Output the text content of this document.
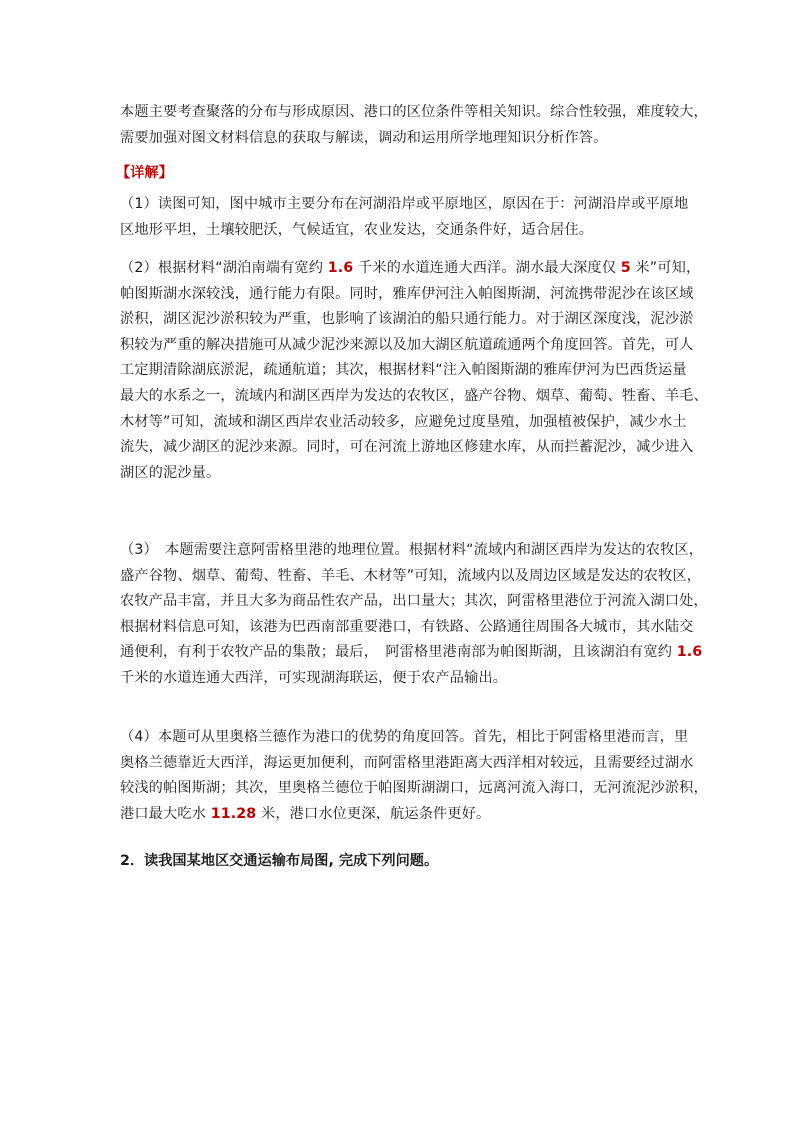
本题主要考查聚落的分布与形成原因、港口的区位条件等相关知识。综合性较强，难度较大，
需要加强对图文材料信息的获取与解读，调动和运用所学地理知识分析作答。
【详解】
（1）读图可知，图中城市主要分布在河湖沿岸或平原地区，原因在于：河湖沿岸或平原地
区地形平坦，土壤较肥沃，气候适宜，农业发达，交通条件好，适合居住。
（2）根据材料“湖泊南端有宽约 1.6 千米的水道连通大西洋。湖水最大深度仅 5 米”可知，
帕图斯湖水深较浅，通行能力有限。同时，雅库伊河注入帕图斯湖，河流携带泥沙在该区域
淤积，湖区泥沙淤积较为严重，也影响了该湖泊的船只通行能力。对于湖区深度浅，泥沙淤
积较为严重的解决措施可从减少泥沙来源以及加大湖区航道疏通两个角度回答。首先，可人
工定期清除湖底淤泥，疏通航道；其次，根据材料“注入帕图斯湖的雅库伊河为巴西货运量
最大的水系之一，流域内和湖区西岸为发达的农牧区，盛产谷物、烟草、葡萄、牲畜、羊毛、
木材等”可知，流域和湖区西岸农业活动较多，应避免过度垦殖，加强植被保护，减少水土
流失，减少湖区的泥沙来源。同时，可在河流上游地区修建水库，从而拦蓄泥沙，减少进入
湖区的泥沙量。
（3）　本题需要注意阿雷格里港的地理位置。根据材料“流域内和湖区西岸为发达的农牧区，
盛产谷物、烟草、葡萄、牲畜、羊毛、木材等”可知，流域内以及周边区域是发达的农牧区，
农牧产品丰富，并且大多为商品性农产品，出口量大；其次，阿雷格里港位于河流入湖口处，
根据材料信息可知，该港为巴西南部重要港口，有铁路、公路通往周围各大城市，其水陆交
通便利，有利于农牧产品的集散；最后，　阿雷格里港南部为帕图斯湖，且该湖泊有宽约 1.6
千米的水道连通大西洋，可实现湖海联运，便于农产品输出。
（4）本题可从里奥格兰德作为港口的优势的角度回答。首先，相比于阿雷格里港而言，里
奥格兰德靠近大西洋，海运更加便利，而阿雷格里港距离大西洋相对较远，且需要经过湖水
较浅的帕图斯湖；其次，里奥格兰德位于帕图斯湖湖口，远离河流入海口，无河流泥沙淤积，
港口最大吃水 11.28 米，港口水位更深，航运条件更好。
2．读我国某地区交通运输布局图, 完成下列问题。
